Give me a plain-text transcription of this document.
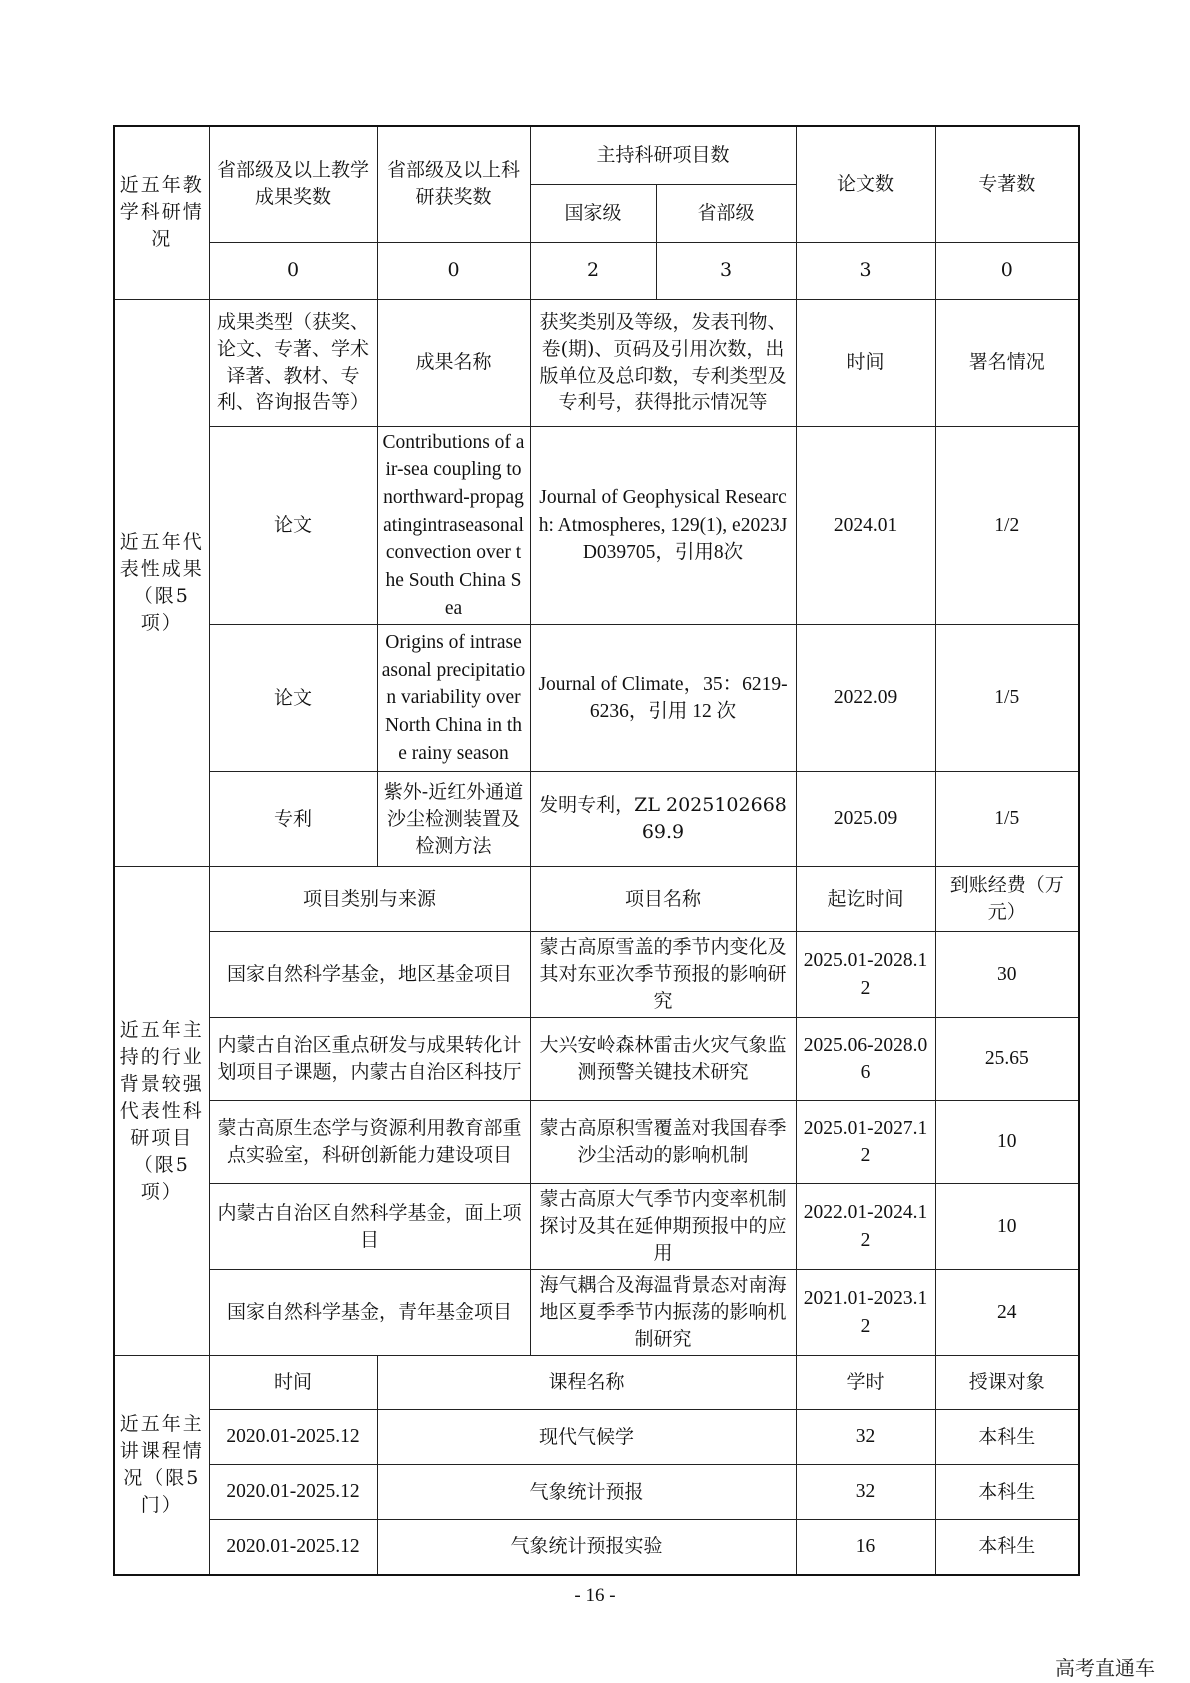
近五年教学科研情况	省部级及以上教学成果奖数	省部级及以上科研获奖数	主持科研项目数		论文数	专著数
			国家级	省部级		
	0	0	2	3	3	0
近五年代表性成果（限5项）	成果类型（获奖、论文、专著、学术译著、教材、专利、咨询报告等）	成果名称	获奖类别及等级，发表刊物、卷(期)、页码及引用次数，出版单位及总印数，专利类型及专利号，获得批示情况等		时间	署名情况
	论文	Contributions of air-sea coupling to northward-propagatingintraseasonal convection over the South China Sea	Journal of Geophysical Research: Atmospheres, 129(1), e2023JD039705，引用8次		2024.01	1/2
	论文	Origins of intraseasonal precipitation variability over North China in the rainy season	Journal of Climate，35：6219-6236，引用 12 次		2022.09	1/5
	专利	紫外-近红外通道沙尘检测装置及检测方法	发明专利，ZL 202510266869.9		2025.09	1/5
近五年主持的行业背景较强代表性科研项目（限5项）	项目类别与来源		项目名称		起讫时间	到账经费（万元）
	国家自然科学基金，地区基金项目		蒙古高原雪盖的季节内变化及其对东亚次季节预报的影响研究		2025.01-2028.12	30
	内蒙古自治区重点研发与成果转化计划项目子课题，内蒙古自治区科技厅		大兴安岭森林雷击火灾气象监测预警关键技术研究		2025.06-2028.06	25.65
	蒙古高原生态学与资源利用教育部重点实验室，科研创新能力建设项目		蒙古高原积雪覆盖对我国春季沙尘活动的影响机制		2025.01-2027.12	10
	内蒙古自治区自然科学基金，面上项目		蒙古高原大气季节内变率机制探讨及其在延伸期预报中的应用		2022.01-2024.12	10
	国家自然科学基金，青年基金项目		海气耦合及海温背景态对南海地区夏季季节内振荡的影响机制研究		2021.01-2023.12	24
近五年主讲课程情况（限5门）	时间	课程名称			学时	授课对象
	2020.01-2025.12	现代气候学			32	本科生
	2020.01-2025.12	气象统计预报			32	本科生
	2020.01-2025.12	气象统计预报实验			16	本科生
- 16 -
高考直通车
